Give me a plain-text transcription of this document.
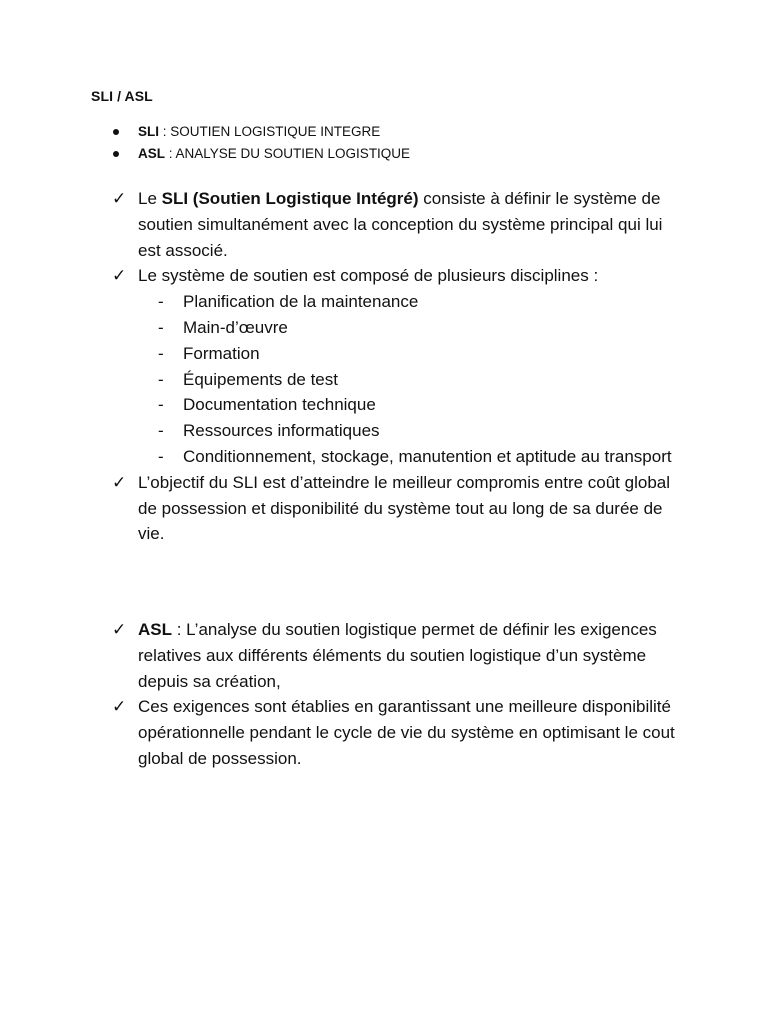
SLI / ASL
SLI : SOUTIEN LOGISTIQUE INTEGRE
ASL : ANALYSE DU SOUTIEN LOGISTIQUE
✓ Le SLI (Soutien Logistique Intégré) consiste à définir le système de soutien simultanément avec la conception du système principal qui lui est associé.
✓ Le système de soutien est composé de plusieurs disciplines :
- Planification de la maintenance
- Main-d’œuvre
- Formation
- Équipements de test
- Documentation technique
- Ressources informatiques
- Conditionnement, stockage, manutention et aptitude au transport
✓ L’objectif du SLI est d’atteindre le meilleur compromis entre coût global de possession et disponibilité du système tout au long de sa durée de vie.
✓ ASL : L’analyse du soutien logistique permet de définir les exigences relatives aux différents éléments du soutien logistique d’un système depuis sa création,
✓ Ces exigences sont établies en garantissant une meilleure disponibilité opérationnelle pendant le cycle de vie du système en optimisant le cout global de possession.
